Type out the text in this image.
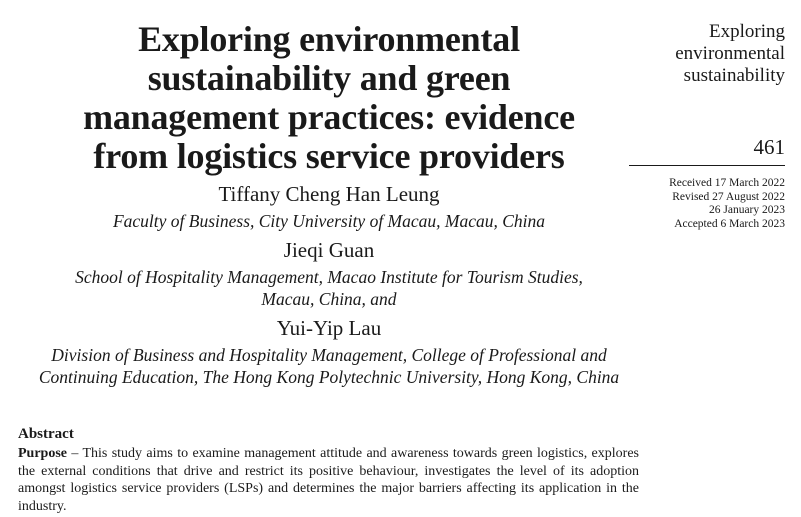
Exploring environmental
sustainability and green
management practices: evidence
from logistics service providers
Tiffany Cheng Han Leung
Faculty of Business, City University of Macau, Macau, China
Jieqi Guan
School of Hospitality Management, Macao Institute for Tourism Studies,
Macau, China, and
Yui-Yip Lau
Division of Business and Hospitality Management, College of Professional and
Continuing Education, The Hong Kong Polytechnic University, Hong Kong, China
Exploring
environmental
sustainability
461
Received 17 March 2022
Revised 27 August 2022
26 January 2023
Accepted 6 March 2023
Abstract

Purpose – This study aims to examine management attitude and awareness towards green logistics, explores the external conditions that drive and restrict its positive behaviour, investigates the level of its adoption amongst logistics service providers (LSPs) and determines the major barriers affecting its application in the industry.
